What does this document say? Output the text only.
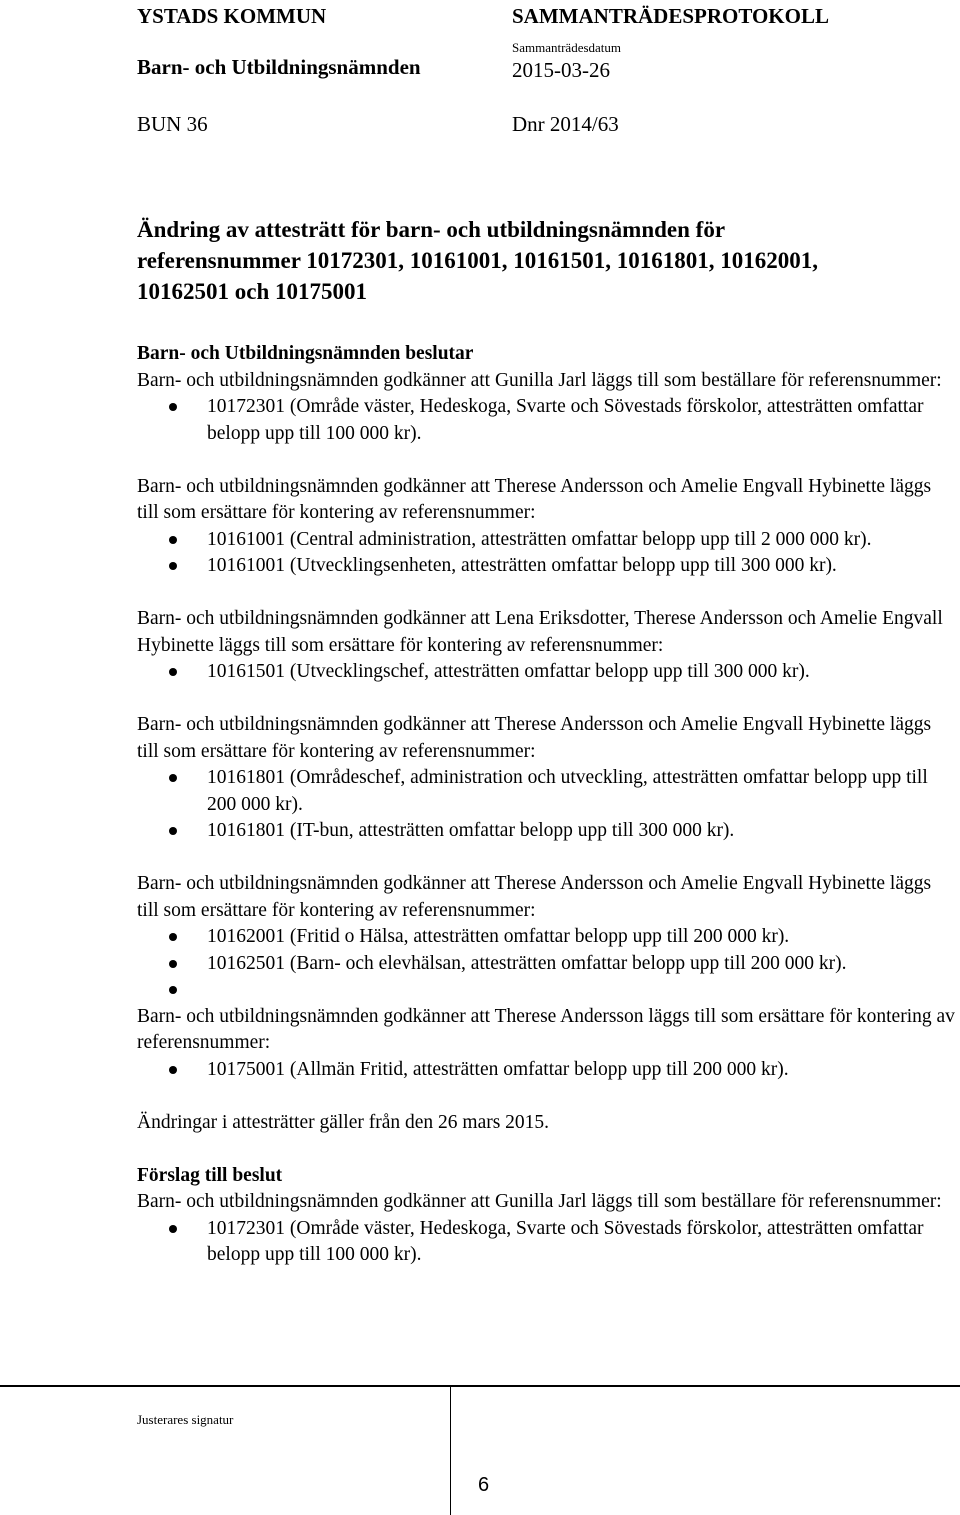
YSTADS KOMMUN	SAMMANTRÄDESPROTOKOLL
Barn- och Utbildningsnämnden
Sammanträdesdatum
2015-03-26
BUN 36	Dnr 2014/63
Ändring av attesträtt för barn- och utbildningsnämnden för
referensnummer 10172301, 10161001, 10161501, 10161801, 10162001,
10162501 och 10175001

Barn- och Utbildningsnämnden beslutar

Barn- och utbildningsnämnden godkänner att Gunilla Jarl läggs till som beställare för referensnummer:

10172301 (Område väster, Hedeskoga, Svarte och Sövestads förskolor, attesträtten omfattar belopp upp till 100 000 kr).

Barn- och utbildningsnämnden godkänner att Therese Andersson och Amelie Engvall Hybinette läggs till som ersättare för kontering av referensnummer:

10161001 (Central administration, attesträtten omfattar belopp upp till 2 000 000 kr).
10161001 (Utvecklingsenheten, attesträtten omfattar belopp upp till 300 000 kr).

Barn- och utbildningsnämnden godkänner att Lena Eriksdotter, Therese Andersson och Amelie Engvall Hybinette läggs till som ersättare för kontering av referensnummer:

10161501 (Utvecklingschef, attesträtten omfattar belopp upp till 300 000 kr).

Barn- och utbildningsnämnden godkänner att Therese Andersson och Amelie Engvall Hybinette läggs till som ersättare för kontering av referensnummer:

10161801 (Områdeschef, administration och utveckling, attesträtten omfattar belopp upp till 200 000 kr).
10161801 (IT-bun, attesträtten omfattar belopp upp till 300 000 kr).

Barn- och utbildningsnämnden godkänner att Therese Andersson och Amelie Engvall Hybinette läggs till som ersättare för kontering av referensnummer:

10162001 (Fritid o Hälsa, attesträtten omfattar belopp upp till 200 000 kr).
10162501 (Barn- och elevhälsan, attesträtten omfattar belopp upp till 200 000 kr).

Barn- och utbildningsnämnden godkänner att Therese Andersson läggs till som ersättare för kontering av referensnummer:

10175001 (Allmän Fritid, attesträtten omfattar belopp upp till 200 000 kr).

Ändringar i attesträtter gäller från den 26 mars 2015.

Förslag till beslut

Barn- och utbildningsnämnden godkänner att Gunilla Jarl läggs till som beställare för referensnummer:

10172301 (Område väster, Hedeskoga, Svarte och Sövestads förskolor, attesträtten omfattar belopp upp till 100 000 kr).
Justerares signatur
6
